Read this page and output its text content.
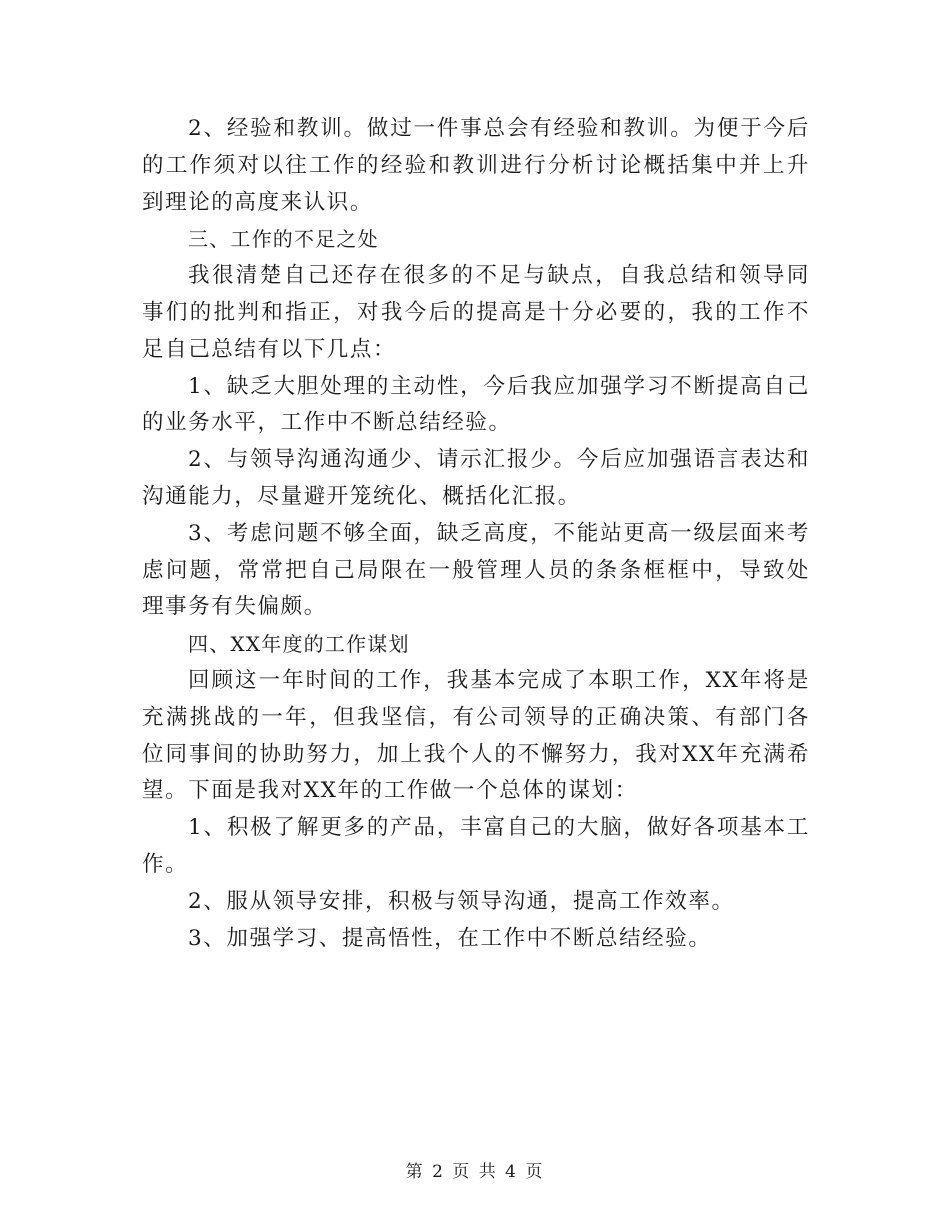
2、经验和教训。做过一件事总会有经验和教训。为便于今后的工作须对以往工作的经验和教训进行分析讨论概括集中并上升到理论的高度来认识。

三、工作的不足之处

我很清楚自己还存在很多的不足与缺点，自我总结和领导同事们的批判和指正，对我今后的提高是十分必要的，我的工作不足自己总结有以下几点：

1、缺乏大胆处理的主动性，今后我应加强学习不断提高自己的业务水平，工作中不断总结经验。

2、与领导沟通沟通少、请示汇报少。今后应加强语言表达和沟通能力，尽量避开笼统化、概括化汇报。

3、考虑问题不够全面，缺乏高度，不能站更高一级层面来考虑问题，常常把自己局限在一般管理人员的条条框框中，导致处理事务有失偏颇。

四、XX年度的工作谋划

回顾这一年时间的工作，我基本完成了本职工作，XX年将是充满挑战的一年，但我坚信，有公司领导的正确决策、有部门各位同事间的协助努力，加上我个人的不懈努力，我对XX年充满希望。下面是我对XX年的工作做一个总体的谋划：

1、积极了解更多的产品，丰富自己的大脑，做好各项基本工作。

2、服从领导安排，积极与领导沟通，提高工作效率。

3、加强学习、提高悟性，在工作中不断总结经验。

第 2 页 共 4 页
